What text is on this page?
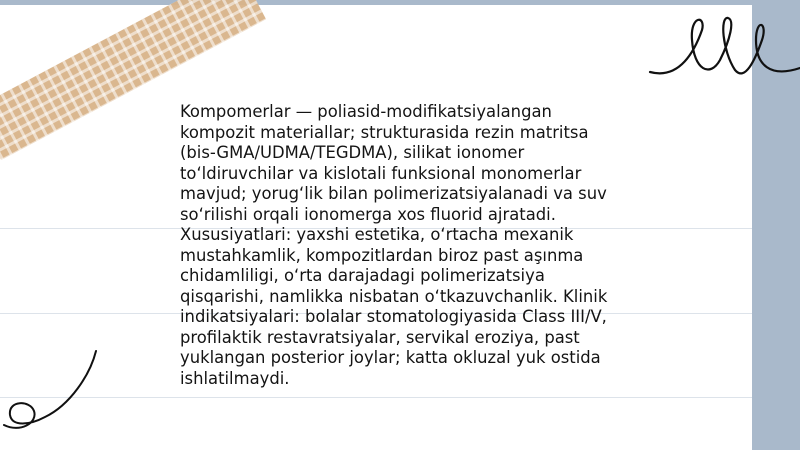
Kompomerlar — poliasid-modifikatsiyalangan
kompozit materiallar; strukturasida rezin matritsa
(bis-GMA/UDMA/TEGDMA), silikat ionomer
to‘ldiruvchilar va kislotali funksional monomerlar
mavjud; yorug‘lik bilan polimerizatsiyalanadi va suv
so‘rilishi orqali ionomerga xos fluorid ajratadi.
Xususiyatlari: yaxshi estetika, o‘rtacha mexanik
mustahkamlik, kompozitlardan biroz past aşınma
chidamliligi, o‘rta darajadagi polimerizatsiya
qisqarishi, namlikka nisbatan o‘tkazuvchanlik. Klinik
indikatsiyalari: bolalar stomatologiyasida Class III/V,
profilaktik restavratsiyalar, servikal eroziya, past
yuklangan posterior joylar; katta okluzal yuk ostida
ishlatilmaydi.
